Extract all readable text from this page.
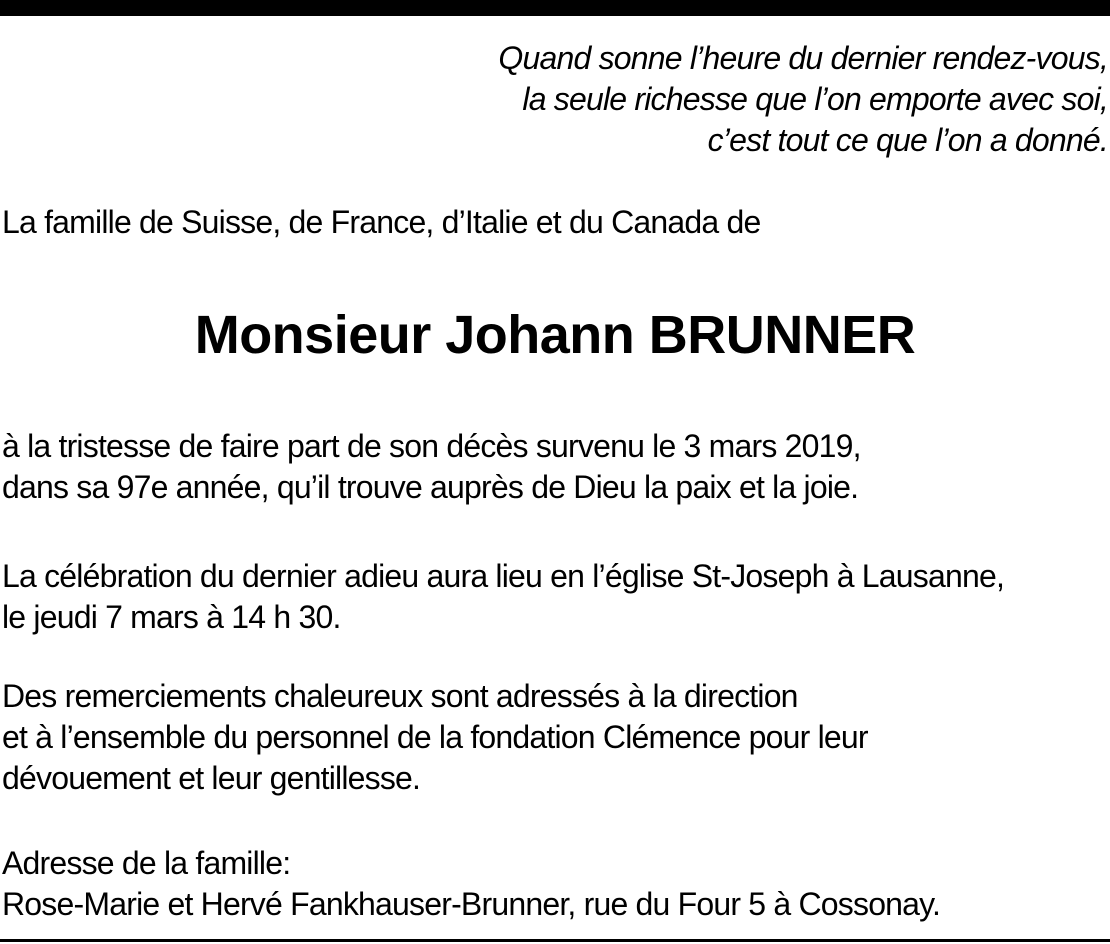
Quand sonne l’heure du dernier rendez-vous,
la seule richesse que l’on emporte avec soi,
c’est tout ce que l’on a donné.
La famille de Suisse, de France, d’Italie et du Canada de
Monsieur Johann BRUNNER
à la tristesse de faire part de son décès survenu le 3 mars 2019,
dans sa 97e année, qu’il trouve auprès de Dieu la paix et la joie.
La célébration du dernier adieu aura lieu en l’église St-Joseph à Lausanne,
le jeudi 7 mars à 14 h 30.
Des remerciements chaleureux sont adressés à la direction
et à l’ensemble du personnel de la fondation Clémence pour leur
dévouement et leur gentillesse.
Adresse de la famille:
Rose-Marie et Hervé Fankhauser-Brunner, rue du Four 5 à Cossonay.
